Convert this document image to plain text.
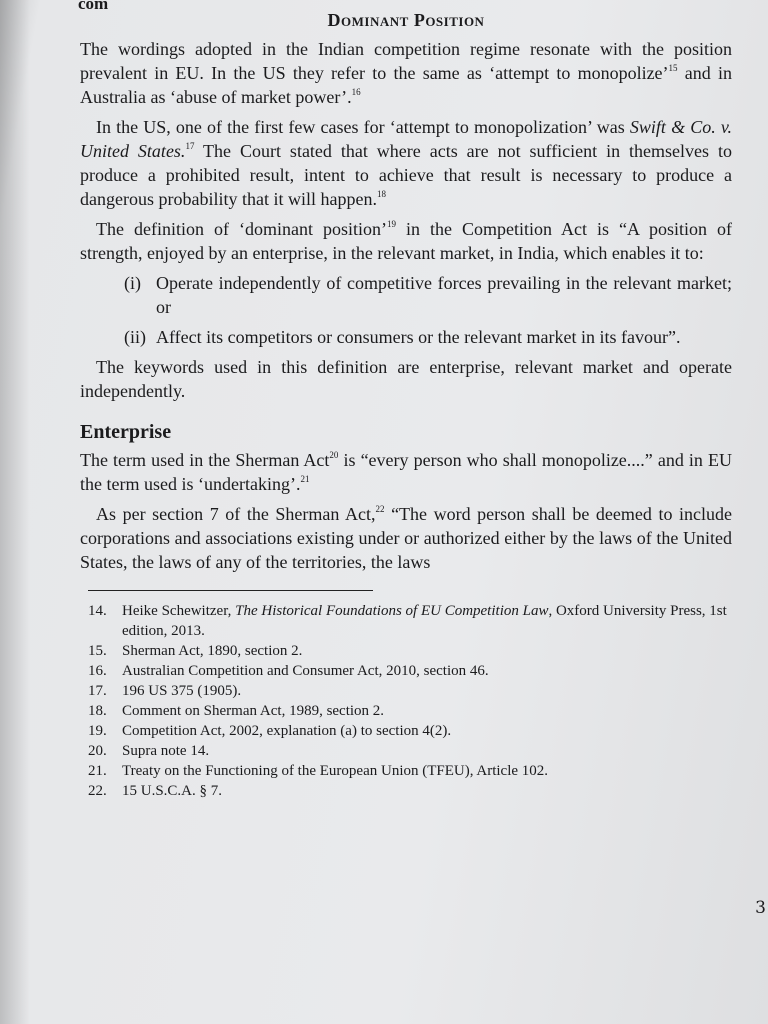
com
Dominant Position

The wordings adopted in the Indian competition regime resonate with the position prevalent in EU. In the US they refer to the same as ‘attempt to monopolize’$^{15}$ and in Australia as ‘abuse of market power’.$^{16}$

In the US, one of the first few cases for ‘attempt to monopolization’ was Swift & Co. v. United States.$^{17}$ The Court stated that where acts are not sufficient in themselves to produce a prohibited result, intent to achieve that result is necessary to produce a dangerous probability that it will happen.$^{18}$

The definition of ‘dominant position’$^{19}$ in the Competition Act is “A position of strength, enjoyed by an enterprise, in the relevant market, in India, which enables it to:

(i) Operate independently of competitive forces prevailing in the relevant market; or
(ii) Affect its competitors or consumers or the relevant market in its favour”.

The keywords used in this definition are enterprise, relevant market and operate independently.

Enterprise

The term used in the Sherman Act$^{20}$ is “every person who shall monopolize....” and in EU the term used is ‘undertaking’.$^{21}$

As per section 7 of the Sherman Act,$^{22}$ “The word person shall be deemed to include corporations and associations existing under or authorized either by the laws of the United States, the laws of any of the territories, the laws

14.	Heike Schewitzer, The Historical Foundations of EU Competition Law, Oxford University Press, 1st edition, 2013.
15.	Sherman Act, 1890, section 2.
16.	Australian Competition and Consumer Act, 2010, section 46.
17.	196 US 375 (1905).
18.	Comment on Sherman Act, 1989, section 2.
19.	Competition Act, 2002, explanation (a) to section 4(2).
20.	Supra note 14.
21.	Treaty on the Functioning of the European Union (TFEU), Article 102.
22.	15 U.S.C.A. § 7.
3
